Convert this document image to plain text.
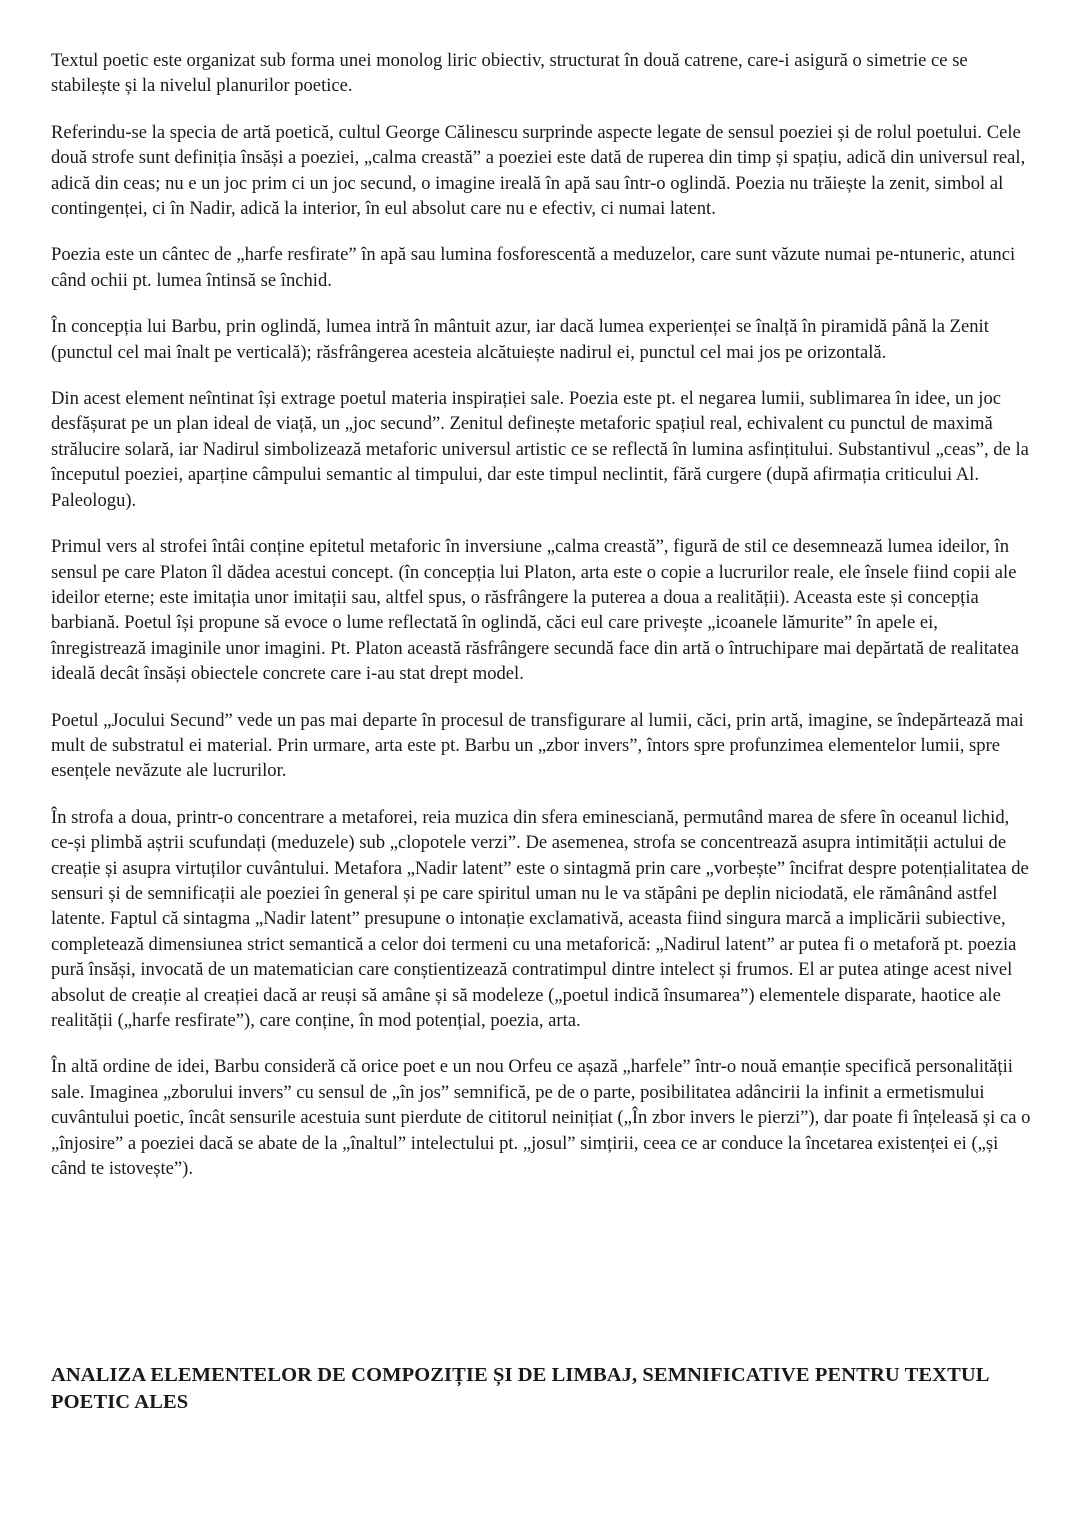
Textul poetic este organizat sub forma unei monolog liric obiectiv, structurat în două catrene, care-i asigură o simetrie ce se stabilește și la nivelul planurilor poetice.

Referindu-se la specia de artă poetică, cultul George Călinescu surprinde aspecte legate de sensul poeziei și de rolul poetului. Cele două strofe sunt definiția însăși a poeziei, „calma creastă” a poeziei este dată de ruperea din timp și spațiu, adică din universul real, adică din ceas; nu e un joc prim ci un joc secund, o imagine ireală în apă sau într-o oglindă. Poezia nu trăiește la zenit, simbol al contingenței, ci în Nadir, adică la interior, în eul absolut care nu e efectiv, ci numai latent.

Poezia este un cântec de „harfe resfirate” în apă sau lumina fosforescentă a meduzelor, care sunt văzute numai pe-ntuneric, atunci când ochii pt. lumea întinsă se închid.

În concepția lui Barbu, prin oglindă, lumea intră în mântuit azur, iar dacă lumea experienței se înalță în piramidă până la Zenit (punctul cel mai înalt pe verticală); răsfrângerea acesteia alcătuiește nadirul ei, punctul cel mai jos pe orizontală.

Din acest element neîntinat își extrage poetul materia inspirației sale. Poezia este pt. el negarea lumii, sublimarea în idee, un joc desfășurat pe un plan ideal de viață, un „joc secund”. Zenitul definește metaforic spațiul real, echivalent cu punctul de maximă strălucire solară, iar Nadirul simbolizează metaforic universul artistic ce se reflectă în lumina asfințitului. Substantivul „ceas”, de la începutul poeziei, aparține câmpului semantic al timpului, dar este timpul neclintit, fără curgere (după afirmația criticului Al. Paleologu).

Primul vers al strofei întâi conține epitetul metaforic în inversiune „calma creastă”, figură de stil ce desemnează lumea ideilor, în sensul pe care Platon îl dădea acestui concept. (în concepția lui Platon, arta este o copie a lucrurilor reale, ele însele fiind copii ale ideilor eterne; este imitația unor imitații sau, altfel spus, o răsfrângere la puterea a doua a realității). Aceasta este și concepția barbiană. Poetul își propune să evoce o lume reflectată în oglindă, căci eul care privește „icoanele lămurite” în apele ei, înregistrează imaginile unor imagini. Pt. Platon această răsfrângere secundă face din artă o întruchipare mai depărtată de realitatea ideală decât însăși obiectele concrete care i-au stat drept model.

Poetul „Jocului Secund” vede un pas mai departe în procesul de transfigurare al lumii, căci, prin artă, imagine, se îndepărtează mai mult de substratul ei material. Prin urmare, arta este pt. Barbu un „zbor invers”, întors spre profunzimea elementelor lumii, spre esențele nevăzute ale lucrurilor.

În strofa a doua, printr-o concentrare a metaforei, reia muzica din sfera eminesciană, permutând marea de sfere în oceanul lichid, ce-și plimbă aștrii scufundați (meduzele) sub „clopotele verzi”. De asemenea, strofa se concentrează asupra intimității actului de creație și asupra virtuților cuvântului. Metafora „Nadir latent” este o sintagmă prin care „vorbește” încifrat despre potențialitatea de sensuri și de semnificații ale poeziei în general și pe care spiritul uman nu le va stăpâni pe deplin niciodată, ele rămânând astfel latente. Faptul că sintagma „Nadir latent” presupune o intonație exclamativă, aceasta fiind singura marcă a implicării subiective, completează dimensiunea strict semantică a celor doi termeni cu una metaforică: „Nadirul latent” ar putea fi o metaforă pt. poezia pură însăși, invocată de un matematician care conștientizează contratimpul dintre intelect și frumos. El ar putea atinge acest nivel absolut de creație al creației dacă ar reuși să amâne și să modeleze („poetul indică însumarea”) elementele disparate, haotice ale realității („harfe resfirate”), care conține, în mod potențial, poezia, arta.

În altă ordine de idei, Barbu consideră că orice poet e un nou Orfeu ce așază „harfele” într-o nouă emanție specifică personalității sale. Imaginea „zborului invers” cu sensul de „în jos” semnifică, pe de o parte, posibilitatea adâncirii la infinit a ermetismului cuvântului poetic, încât sensurile acestuia sunt pierdute de cititorul neinițiat („În zbor invers le pierzi”), dar poate fi înțeleasă și ca o „înjosire” a poeziei dacă se abate de la „înaltul” intelectului pt. „josul” simțirii, ceea ce ar conduce la încetarea existenței ei („și când te istovește”).

ANALIZA ELEMENTELOR DE COMPOZIȚIE ȘI DE LIMBAJ, SEMNIFICATIVE PENTRU TEXTUL POETIC ALES
